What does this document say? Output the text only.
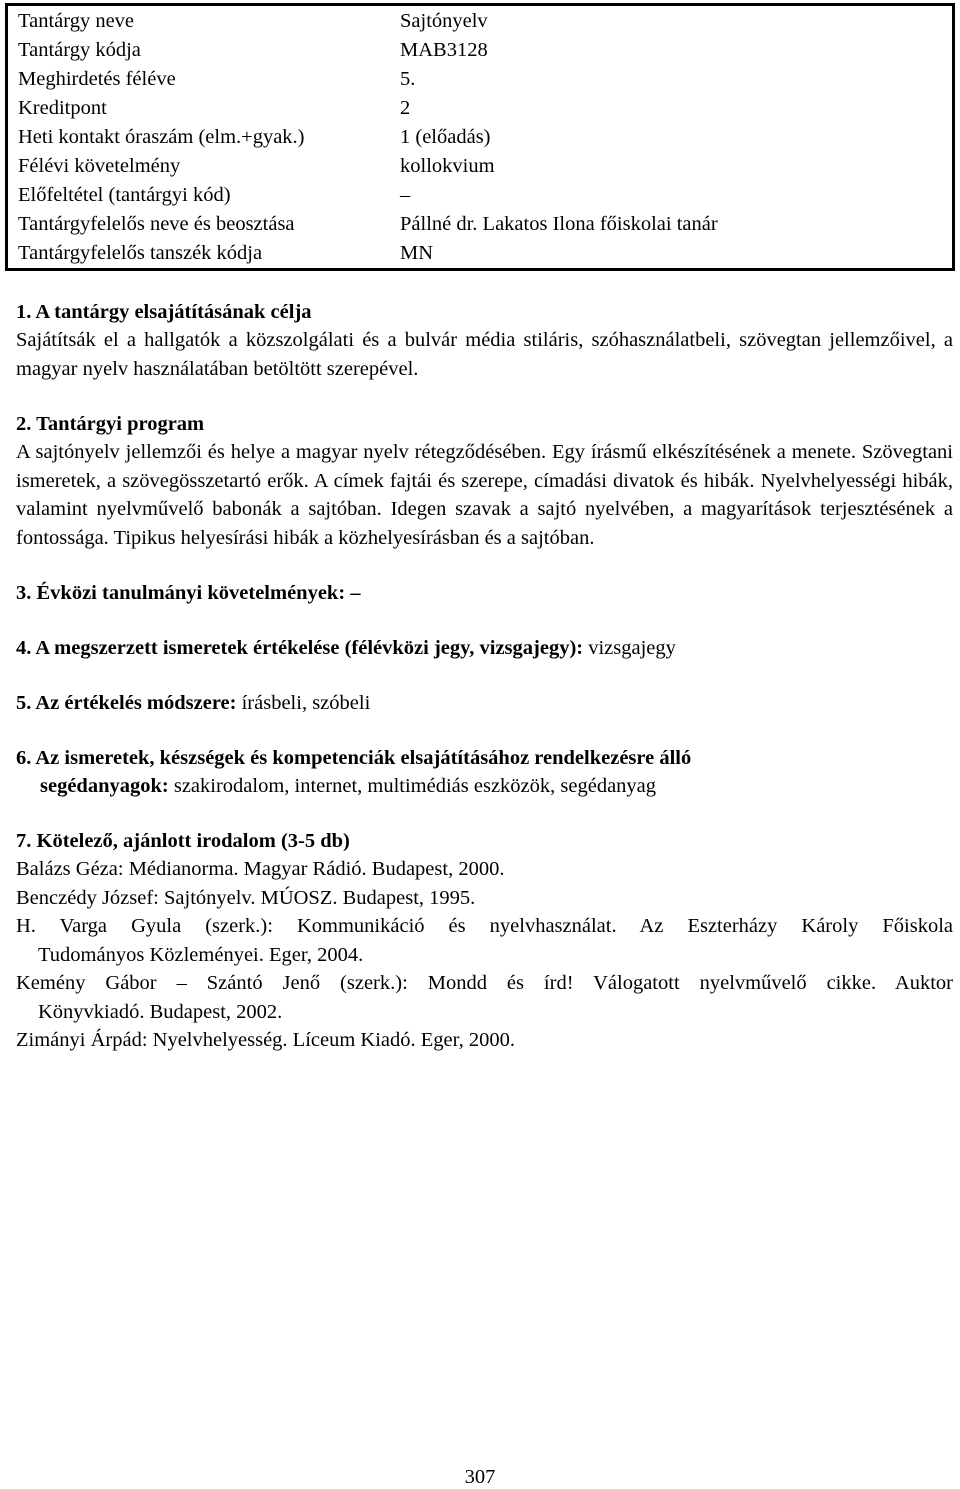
Tantárgy neve	Sajtónyelv
Tantárgy kódja	MAB3128
Meghirdetés féléve	5.
Kreditpont	2
Heti kontakt óraszám (elm.+gyak.)	1 (előadás)
Félévi követelmény	kollokvium
Előfeltétel (tantárgyi kód)	–
Tantárgyfelelős neve és beosztása	Pállné dr. Lakatos Ilona főiskolai tanár
Tantárgyfelelős tanszék kódja	MN

1. A tantárgy elsajátításának célja

Sajátítsák el a hallgatók a közszolgálati és a bulvár média stiláris, szóhasználatbeli, szövegtan jellemzőivel, a magyar nyelv használatában betöltött szerepével.

2. Tantárgyi program

A sajtónyelv jellemzői és helye a magyar nyelv rétegződésében. Egy írásmű elkészítésének a menete. Szövegtani ismeretek, a szövegösszetartó erők. A címek fajtái és szerepe, címadási divatok és hibák. Nyelvhelyességi hibák, valamint nyelvművelő babonák a sajtóban. Idegen szavak a sajtó nyelvében, a magyarítások terjesztésének a fontossága. Tipikus helyesírási hibák a közhelyesírásban és a sajtóban.

3. Évközi tanulmányi követelmények: –

4. A megszerzett ismeretek értékelése (félévközi jegy, vizsgajegy): vizsgajegy

5. Az értékelés módszere: írásbeli, szóbeli

6. Az ismeretek, készségek és kompetenciák elsajátításához rendelkezésre álló

segédanyagok: szakirodalom, internet, multimédiás eszközök, segédanyag

7. Kötelező, ajánlott irodalom (3-5 db)

Balázs Géza: Médianorma. Magyar Rádió. Budapest, 2000.

Benczédy József: Sajtónyelv. MÚOSZ. Budapest, 1995.

H. Varga Gyula (szerk.): Kommunikáció és nyelvhasználat. Az Eszterházy Károly Főiskola

Tudományos Közleményei. Eger, 2004.

Kemény Gábor – Szántó Jenő (szerk.): Mondd és írd! Válogatott nyelvművelő cikke. Auktor

Könyvkiadó. Budapest, 2002.

Zimányi Árpád: Nyelvhelyesség. Líceum Kiadó. Eger, 2000.

307
